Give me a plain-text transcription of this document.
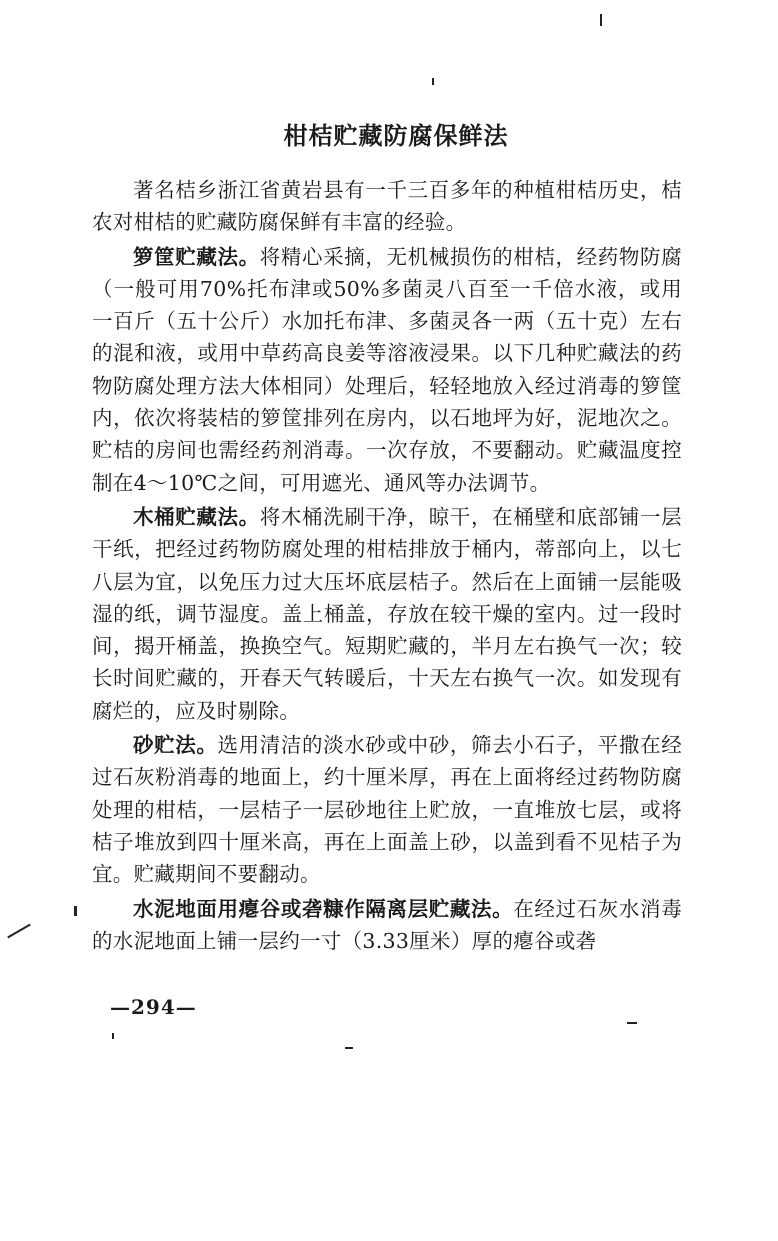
柑桔贮藏防腐保鲜法

著名桔乡浙江省黄岩县有一千三百多年的种植柑桔历史，桔农对柑桔的贮藏防腐保鲜有丰富的经验。

箩筐贮藏法。将精心采摘，无机械损伤的柑桔，经药物防腐（一般可用70%托布津或50%多菌灵八百至一千倍水液，或用一百斤（五十公斤）水加托布津、多菌灵各一两（五十克）左右的混和液，或用中草药高良姜等溶液浸果。以下几种贮藏法的药物防腐处理方法大体相同）处理后，轻轻地放入经过消毒的箩筐内，依次将装桔的箩筐排列在房内，以石地坪为好，泥地次之。贮桔的房间也需经药剂消毒。一次存放，不要翻动。贮藏温度控制在4～10℃之间，可用遮光、通风等办法调节。

木桶贮藏法。将木桶洗刷干净，晾干，在桶壁和底部铺一层干纸，把经过药物防腐处理的柑桔排放于桶内，蒂部向上，以七八层为宜，以免压力过大压坏底层桔子。然后在上面铺一层能吸湿的纸，调节湿度。盖上桶盖，存放在较干燥的室内。过一段时间，揭开桶盖，换换空气。短期贮藏的，半月左右换气一次；较长时间贮藏的，开春天气转暖后，十天左右换气一次。如发现有腐烂的，应及时剔除。

砂贮法。选用清洁的淡水砂或中砂，筛去小石子，平撒在经过石灰粉消毒的地面上，约十厘米厚，再在上面将经过药物防腐处理的柑桔，一层桔子一层砂地往上贮放，一直堆放七层，或将桔子堆放到四十厘米高，再在上面盖上砂，以盖到看不见桔子为宜。贮藏期间不要翻动。

水泥地面用瘪谷或砻糠作隔离层贮藏法。在经过石灰水消毒的水泥地面上铺一层约一寸（3.33厘米）厚的瘪谷或砻

—294—
